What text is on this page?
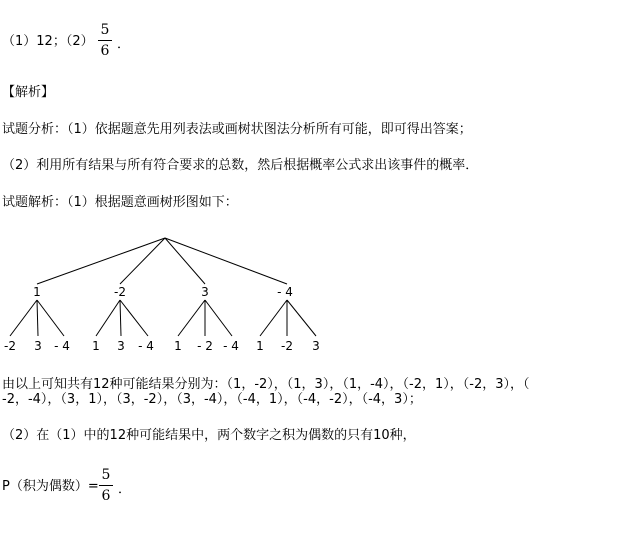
（1）12；（2）
5
6 ．
【解析】
试题分析：（1）依据题意先用列表法或画树状图法分析所有可能，即可得出答案；
（2）利用所有结果与所有符合要求的总数，然后根据概率公式求出该事件的概率．
试题解析：（1）根据题意画树形图如下：
1	-2	3	- 4
-2 3 - 4 1 3 - 4 1 - 2 - 4 1 -2 3
由以上可知共有12种可能结果分别为：（1，-2），（1，3），（1，-4），（-2，1），（-2，3），（
-2，-4），（3，1），（3，-2），（3，-4），（-4，1），（-4，-2），（-4，3）；
（2）在（1）中的12种可能结果中，两个数字之积为偶数的只有10种，
P（积为偶数）=
5
6 ．
